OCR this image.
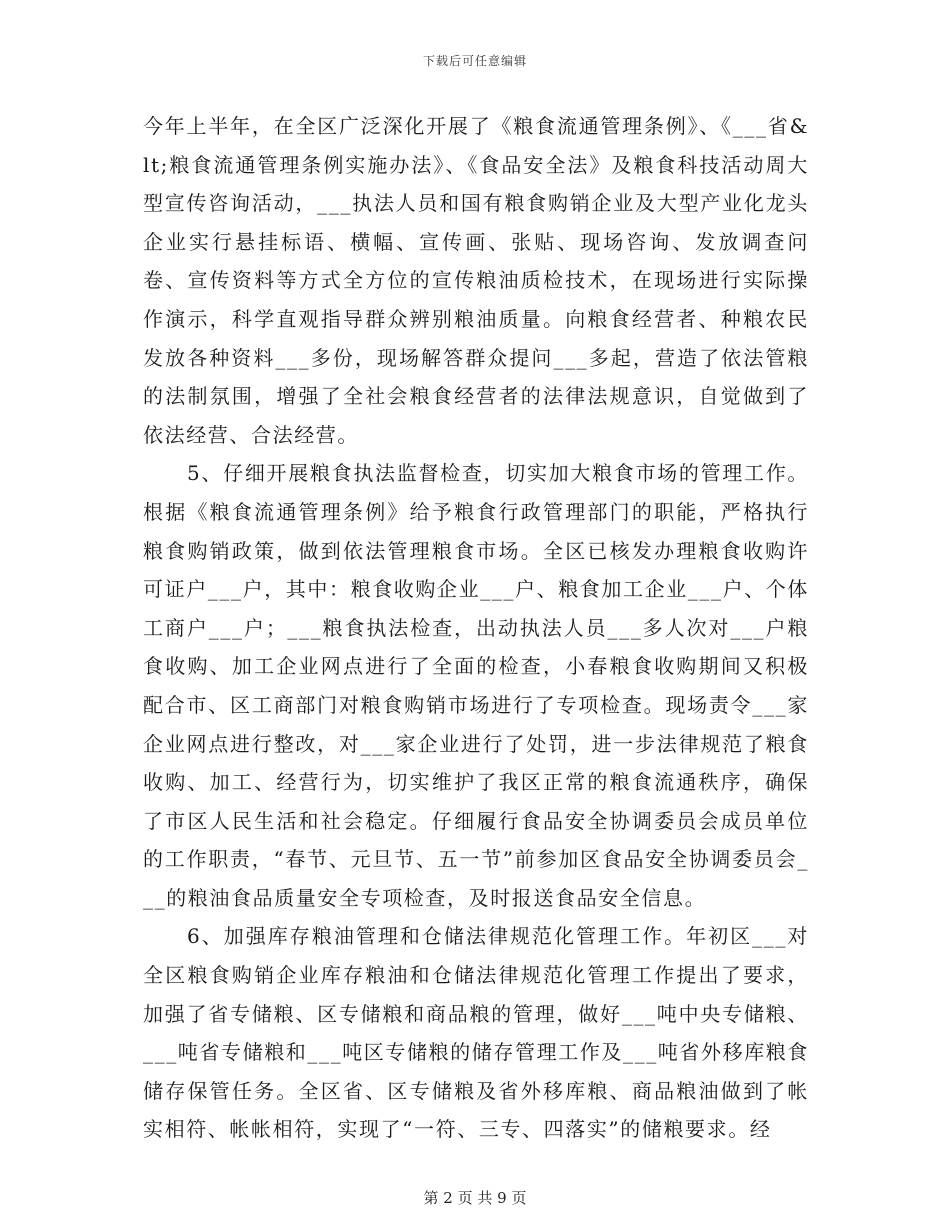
下载后可任意编辑

今年上半年，在全区广泛深化开展了《粮食流通管理条例》、《___省&lt;粮食流通管理条例实施办法》、《食品安全法》及粮食科技活动周大型宣传咨询活动，___执法人员和国有粮食购销企业及大型产业化龙头企业实行悬挂标语、横幅、宣传画、张贴、现场咨询、发放调查问卷、宣传资料等方式全方位的宣传粮油质检技术，在现场进行实际操作演示，科学直观指导群众辨别粮油质量。向粮食经营者、种粮农民发放各种资料___多份，现场解答群众提问___多起，营造了依法管粮的法制氛围，增强了全社会粮食经营者的法律法规意识，自觉做到了依法经营、合法经营。

5、仔细开展粮食执法监督检查，切实加大粮食市场的管理工作。根据《粮食流通管理条例》给予粮食行政管理部门的职能，严格执行粮食购销政策，做到依法管理粮食市场。全区已核发办理粮食收购许可证户___户，其中：粮食收购企业___户、粮食加工企业___户、个体工商户___户；___粮食执法检查，出动执法人员___多人次对___户粮食收购、加工企业网点进行了全面的检查，小春粮食收购期间又积极配合市、区工商部门对粮食购销市场进行了专项检查。现场责令___家企业网点进行整改，对___家企业进行了处罚，进一步法律规范了粮食收购、加工、经营行为，切实维护了我区正常的粮食流通秩序，确保了市区人民生活和社会稳定。仔细履行食品安全协调委员会成员单位的工作职责，“春节、元旦节、五一节”前参加区食品安全协调委员会___的粮油食品质量安全专项检查，及时报送食品安全信息。

6、加强库存粮油管理和仓储法律规范化管理工作。年初区___对全区粮食购销企业库存粮油和仓储法律规范化管理工作提出了要求，加强了省专储粮、区专储粮和商品粮的管理，做好___吨中央专储粮、___吨省专储粮和___吨区专储粮的储存管理工作及___吨省外移库粮食储存保管任务。全区省、区专储粮及省外移库粮、商品粮油做到了帐实相符、帐帐相符，实现了“一符、三专、四落实”的储粮要求。经

第 2 页 共 9 页
